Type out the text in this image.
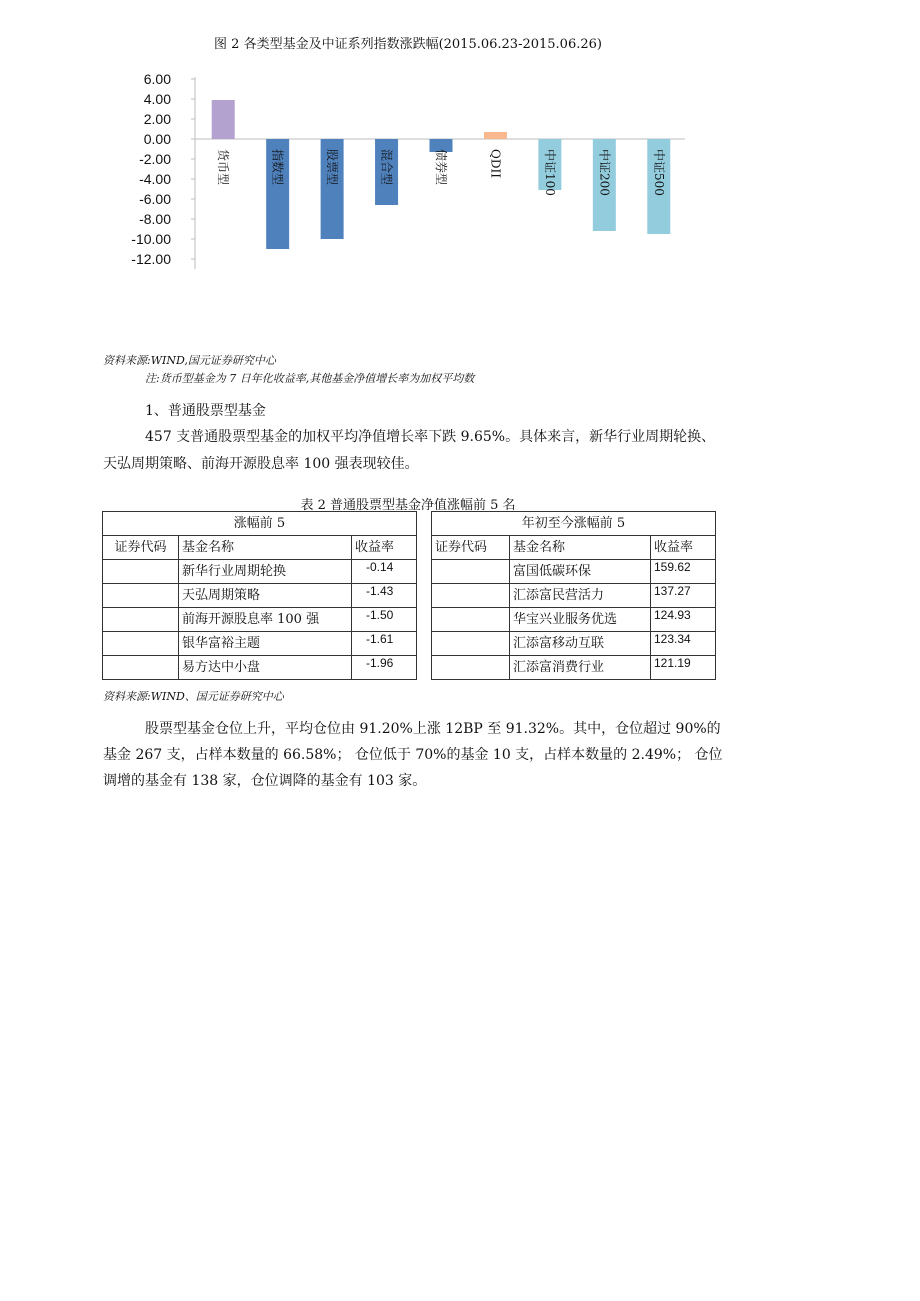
图 2 各类型基金及中证系列指数涨跌幅(2015.06.23-2015.06.26)
6.00
4.00
2.00
0.00
-2.00
-4.00
-6.00
-8.00
-10.00
-12.00
货币型	指数型	股票型	混合型	债券型	QDII	中证100	中证200	中证500
资料来源:WIND,国元证券研究中心
注:货币型基金为 7 日年化收益率,其他基金净值增长率为加权平均数
1、普通股票型基金
457 支普通股票型基金的加权平均净值增长率下跌 9.65%。具体来言，新华行业周期轮换、
天弘周期策略、前海开源股息率 100 强表现较佳。
表 2 普通股票型基金净值涨幅前 5 名
涨幅前 5		
证券代码	基金名称	收益率
	新华行业周期轮换	-0.14
	天弘周期策略	-1.43
	前海开源股息率 100 强	-1.50
	银华富裕主题	-1.61
	易方达中小盘	-1.96
年初至今涨幅前 5		
证券代码	基金名称	收益率
	富国低碳环保	159.62
	汇添富民营活力	137.27
	华宝兴业服务优选	124.93
	汇添富移动互联	123.34
	汇添富消费行业	121.19
资料来源:WIND、国元证券研究中心
股票型基金仓位上升，平均仓位由 91.20%上涨 12BP 至 91.32%。其中，仓位超过 90%的
基金 267 支，占样本数量的 66.58%； 仓位低于 70%的基金 10 支，占样本数量的 2.49%； 仓位
调增的基金有 138 家，仓位调降的基金有 103 家。
